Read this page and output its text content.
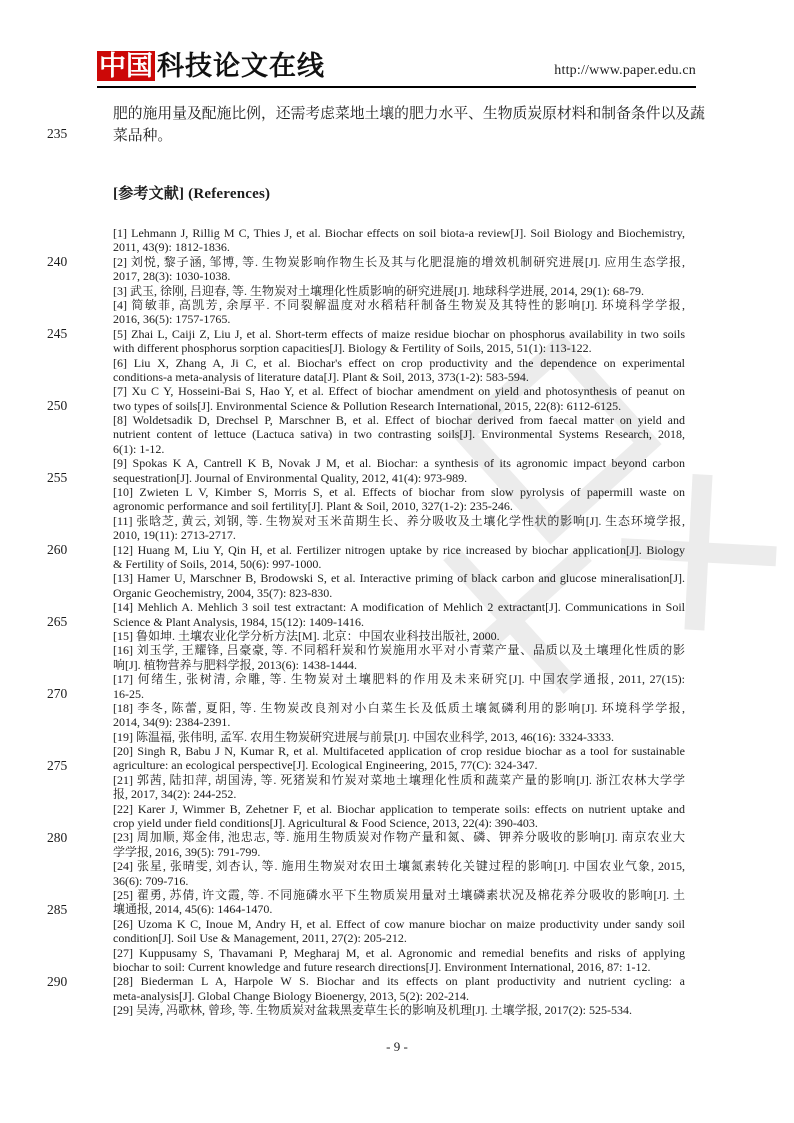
中国 科技论文在线	http://www.paper.edu.cn
235
240
245
250
255
260
265
270
275
280
285
290
肥的施用量及配施比例，还需考虑菜地土壤的肥力水平、生物质炭原材料和制备条件以及蔬
菜品种。
[参考文献] (References)
[1] Lehmann J, Rillig M C, Thies J, et al. Biochar effects on soil biota-a review[J]. Soil Biology and Biochemistry,
2011, 43(9): 1812-1836.
[2] 刘悦, 黎子涵, 邹博, 等. 生物炭影响作物生长及其与化肥混施的增效机制研究进展[J]. 应用生态学报,
2017, 28(3): 1030-1038.
[3] 武玉, 徐刚, 吕迎春, 等. 生物炭对土壤理化性质影响的研究进展[J]. 地球科学进展, 2014, 29(1): 68-79.
[4] 简敏菲, 高凯芳, 余厚平. 不同裂解温度对水稻秸秆制备生物炭及其特性的影响[J]. 环境科学学报,
2016, 36(5): 1757-1765.
[5] Zhai L, Caiji Z, Liu J, et al. Short-term effects of maize residue biochar on phosphorus availability in two soils
with different phosphorus sorption capacities[J]. Biology & Fertility of Soils, 2015, 51(1): 113-122.
[6] Liu X, Zhang A, Ji C, et al. Biochar's effect on crop productivity and the dependence on experimental
conditions-a meta-analysis of literature data[J]. Plant & Soil, 2013, 373(1-2): 583-594.
[7] Xu C Y, Hosseini-Bai S, Hao Y, et al. Effect of biochar amendment on yield and photosynthesis of peanut on
two types of soils[J]. Environmental Science & Pollution Research International, 2015, 22(8): 6112-6125.
[8] Woldetsadik D, Drechsel P, Marschner B, et al. Effect of biochar derived from faecal matter on yield and
nutrient content of lettuce (Lactuca sativa) in two contrasting soils[J]. Environmental Systems Research, 2018,
6(1): 1-12.
[9] Spokas K A, Cantrell K B, Novak J M, et al. Biochar: a synthesis of its agronomic impact beyond carbon
sequestration[J]. Journal of Environmental Quality, 2012, 41(4): 973-989.
[10] Zwieten L V, Kimber S, Morris S, et al. Effects of biochar from slow pyrolysis of papermill waste on
agronomic performance and soil fertility[J]. Plant & Soil, 2010, 327(1-2): 235-246.
[11] 张晗芝, 黄云, 刘钢, 等. 生物炭对玉米苗期生长、养分吸收及土壤化学性状的影响[J]. 生态环境学报,
2010, 19(11): 2713-2717.
[12] Huang M, Liu Y, Qin H, et al. Fertilizer nitrogen uptake by rice increased by biochar application[J]. Biology
& Fertility of Soils, 2014, 50(6): 997-1000.
[13] Hamer U, Marschner B, Brodowski S, et al. Interactive priming of black carbon and glucose mineralisation[J].
Organic Geochemistry, 2004, 35(7): 823-830.
[14] Mehlich A. Mehlich 3 soil test extractant: A modification of Mehlich 2 extractant[J]. Communications in Soil
Science & Plant Analysis, 1984, 15(12): 1409-1416.
[15] 鲁如坤. 土壤农业化学分析方法[M]. 北京：中国农业科技出版社, 2000.
[16] 刘玉学, 王耀锋, 吕豪豪, 等. 不同稻秆炭和竹炭施用水平对小青菜产量、品质以及土壤理化性质的影
响[J]. 植物营养与肥料学报, 2013(6): 1438-1444.
[17] 何绪生, 张树清, 佘雕, 等. 生物炭对土壤肥料的作用及未来研究[J]. 中国农学通报, 2011, 27(15):
16-25.
[18] 李冬, 陈蕾, 夏阳, 等. 生物炭改良剂对小白菜生长及低质土壤氮磷利用的影响[J]. 环境科学学报,
2014, 34(9): 2384-2391.
[19] 陈温福, 张伟明, 孟军. 农用生物炭研究进展与前景[J]. 中国农业科学, 2013, 46(16): 3324-3333.
[20] Singh R, Babu J N, Kumar R, et al. Multifaceted application of crop residue biochar as a tool for sustainable
agriculture: an ecological perspective[J]. Ecological Engineering, 2015, 77(C): 324-347.
[21] 郭茜, 陆扣萍, 胡国涛, 等. 死猪炭和竹炭对菜地土壤理化性质和蔬菜产量的影响[J]. 浙江农林大学学
报, 2017, 34(2): 244-252.
[22] Karer J, Wimmer B, Zehetner F, et al. Biochar application to temperate soils: effects on nutrient uptake and
crop yield under field conditions[J]. Agricultural & Food Science, 2013, 22(4): 390-403.
[23] 周加顺, 郑金伟, 池忠志, 等. 施用生物质炭对作物产量和氮、磷、钾养分吸收的影响[J]. 南京农业大
学学报, 2016, 39(5): 791-799.
[24] 张星, 张晴雯, 刘杏认, 等. 施用生物炭对农田土壤氮素转化关键过程的影响[J]. 中国农业气象, 2015,
36(6): 709-716.
[25] 翟勇, 苏倩, 许文霞, 等. 不同施磷水平下生物质炭用量对土壤磷素状况及棉花养分吸收的影响[J]. 土
壤通报, 2014, 45(6): 1464-1470.
[26] Uzoma K C, Inoue M, Andry H, et al. Effect of cow manure biochar on maize productivity under sandy soil
condition[J]. Soil Use & Management, 2011, 27(2): 205-212.
[27] Kuppusamy S, Thavamani P, Megharaj M, et al. Agronomic and remedial benefits and risks of applying
biochar to soil: Current knowledge and future research directions[J]. Environment International, 2016, 87: 1-12.
[28] Biederman L A, Harpole W S. Biochar and its effects on plant productivity and nutrient cycling: a
meta-analysis[J]. Global Change Biology Bioenergy, 2013, 5(2): 202-214.
[29] 吴涛, 冯歌林, 曾珍, 等. 生物质炭对盆栽黑麦草生长的影响及机理[J]. 土壤学报, 2017(2): 525-534.
- 9 -
